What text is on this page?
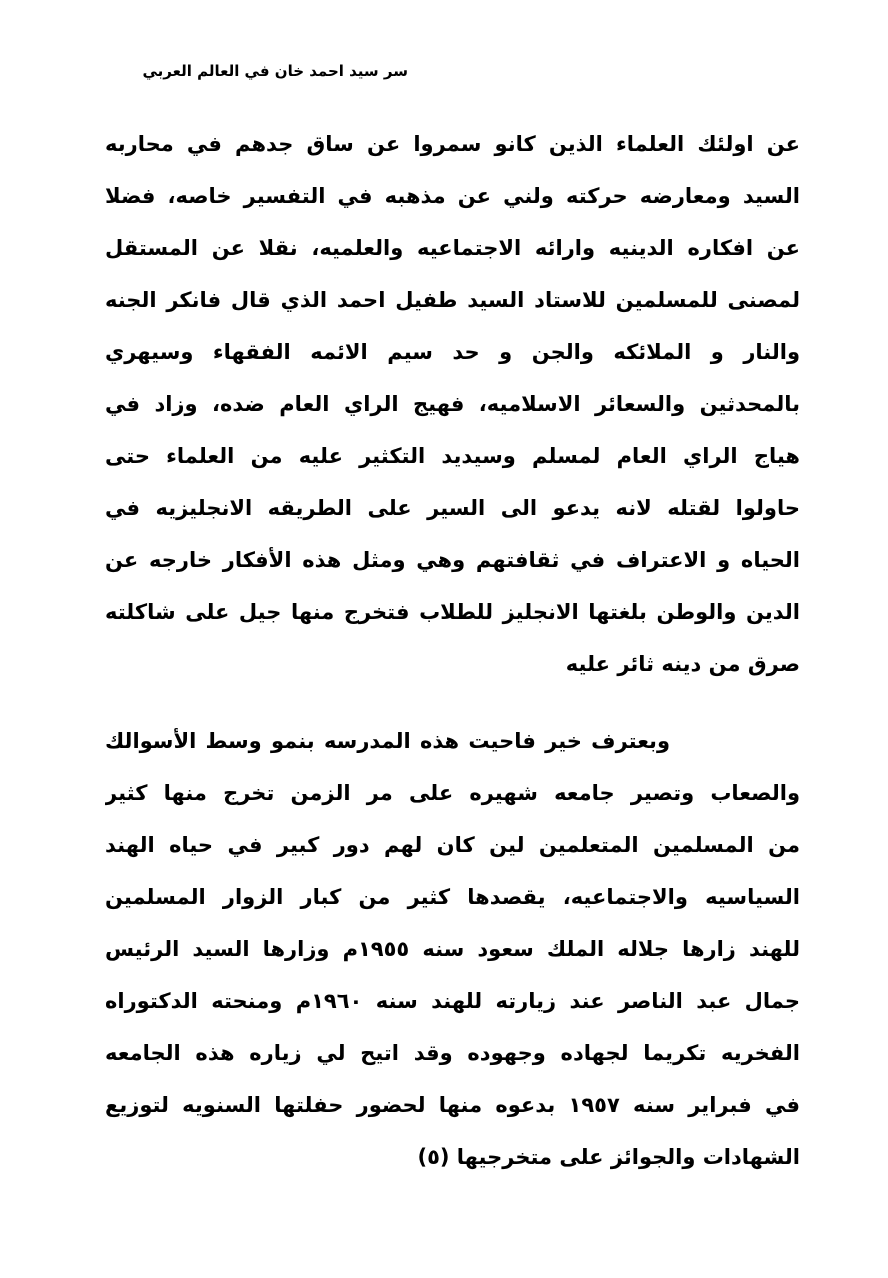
سر سيد احمد خان في العالم العربي
عن اولئك العلماء الذين كانو سمروا عن ساق جدهم في محاربه
السيد ومعارضه حركته ولني عن مذهبه في التفسير خاصه، فضلا
عن افكاره الدينيه وارائه الاجتماعيه والعلميه، نقلا عن المستقل
لمصنى للمسلمين للاستاد السيد طفيل احمد الذي قال فانكر الجنه
والنار و الملائكه والجن و حد سيم الائمه الفقهاء وسيهري
بالمحدثين والسعائر الاسلاميه، فهيج الراي العام ضده، وزاد في
هياج الراي العام لمسلم وسيديد التكثير عليه من العلماء حتى
حاولوا لقتله لانه يدعو الى السير على الطريقه الانجليزيه في
الحياه و الاعتراف في ثقافتهم وهي ومثل هذه الأفكار خارجه عن
الدين والوطن بلغتها الانجليز للطلاب فتخرج منها جيل على شاكلته
صرق من دينه ثائر عليه
وبعترف خير فاحيت هذه المدرسه بنمو وسط الأسوالك
والصعاب وتصير جامعه شهيره على مر الزمن تخرج منها كثير
من المسلمين المتعلمين لين كان لهم دور كبير في حياه الهند
السياسيه والاجتماعيه، يقصدها كثير من كبار الزوار المسلمين
للهند زارها جلاله الملك سعود سنه ١٩٥٥م وزارها السيد الرئيس
جمال عبد الناصر عند زيارته للهند سنه ١٩٦٠م ومنحته الدكتوراه
الفخريه تكريما لجهاده وجهوده وقد اتيح لي زياره هذه الجامعه
في فبراير سنه ١٩٥٧ بدعوه منها لحضور حفلتها السنويه لتوزيع
الشهادات والجوائز على متخرجيها (٥)
